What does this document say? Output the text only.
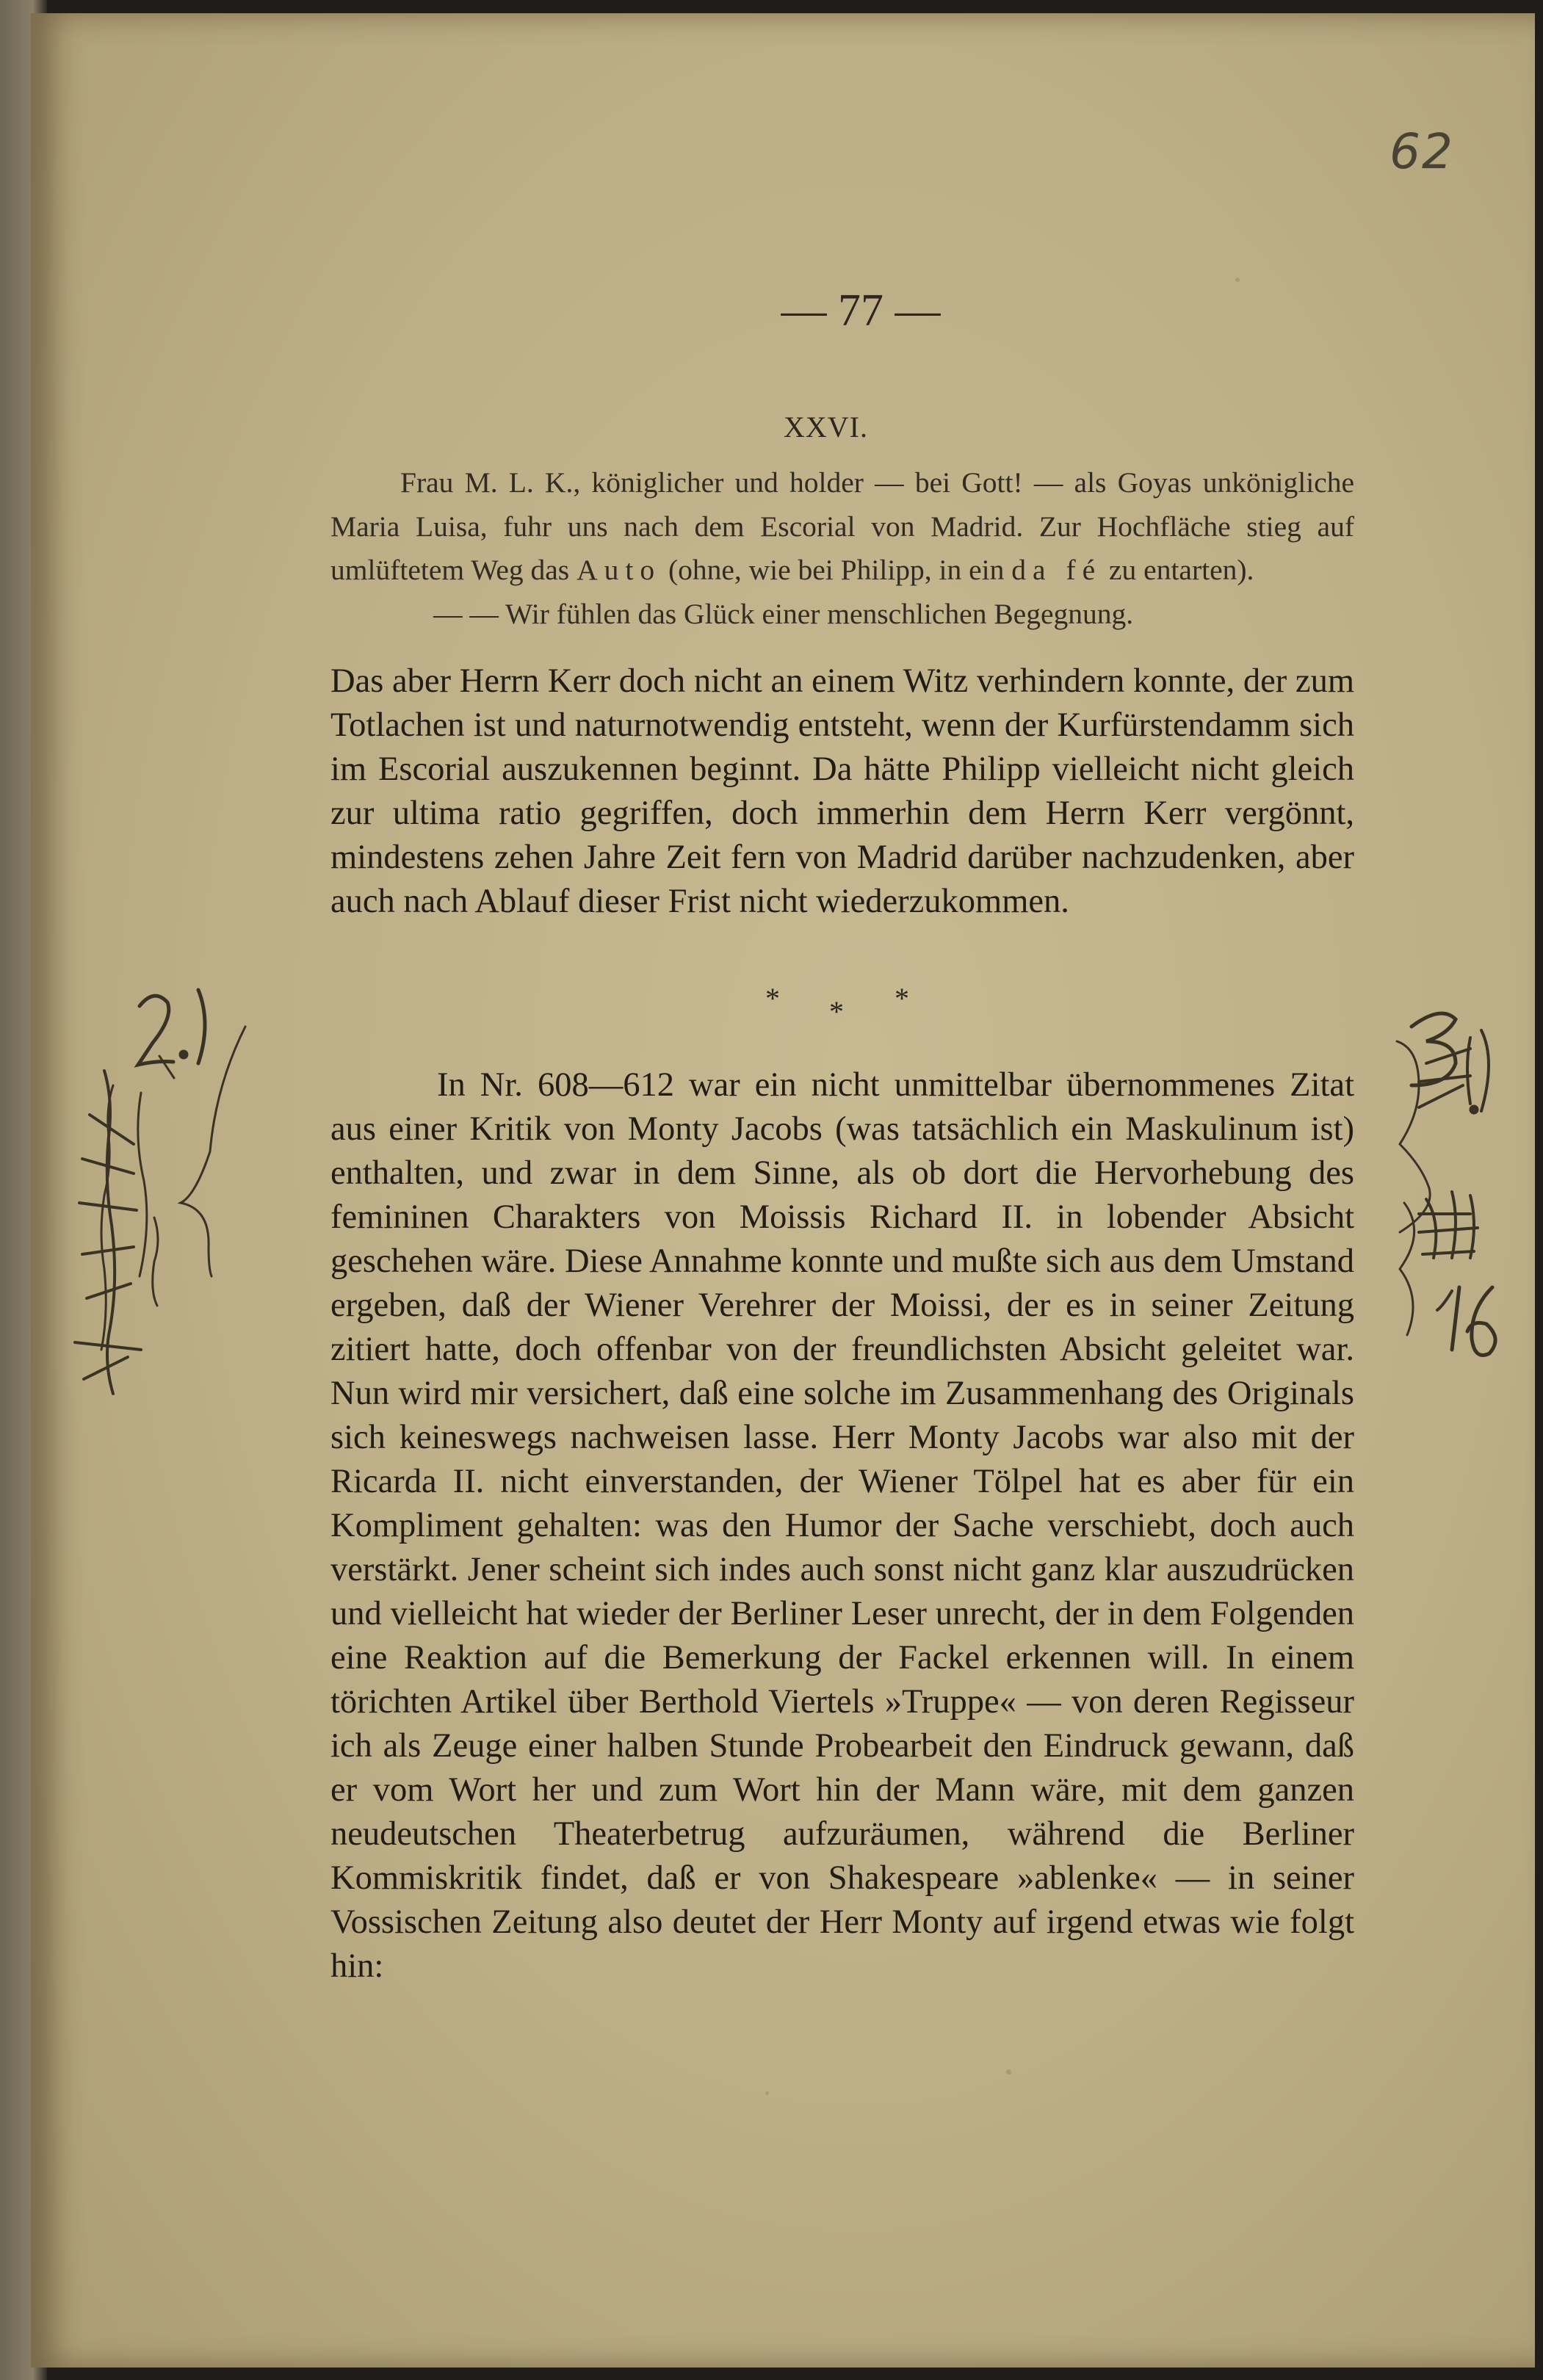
62
— 77 —
XXVI.

Frau M. L. K., königlicher und holder — bei Gott! — als Goyas unkönigliche Maria Luisa, fuhr uns nach dem Escorial von Madrid. Zur Hochfläche stieg auf umlüftetem Weg das Auto (ohne, wie bei Philipp, in ein da fé zu entarten).

— — Wir fühlen das Glück einer menschlichen Begegnung.

Das aber Herrn Kerr doch nicht an einem Witz verhindern konnte, der zum Totlachen ist und naturnotwendig entsteht, wenn der Kurfürstendamm sich im Escorial auszukennen beginnt. Da hätte Philipp vielleicht nicht gleich zur ultima ratio gegriffen, doch immerhin dem Herrn Kerr vergönnt, mindestens zehen Jahre Zeit fern von Madrid darüber nachzudenken, aber auch nach Ablauf dieser Frist nicht wiederzukommen.

* * *

In Nr. 608—612 war ein nicht unmittelbar übernommenes Zitat aus einer Kritik von Monty Jacobs (was tatsächlich ein Maskulinum ist) enthalten, und zwar in dem Sinne, als ob dort die Hervorhebung des femininen Charakters von Moissis Richard II. in lobender Absicht geschehen wäre. Diese Annahme konnte und mußte sich aus dem Umstand ergeben, daß der Wiener Verehrer der Moissi, der es in seiner Zeitung zitiert hatte, doch offenbar von der freundlichsten Absicht geleitet war. Nun wird mir versichert, daß eine solche im Zusammenhang des Originals sich keineswegs nachweisen lasse. Herr Monty Jacobs war also mit der Ricarda II. nicht einverstanden, der Wiener Tölpel hat es aber für ein Kompliment gehalten: was den Humor der Sache verschiebt, doch auch verstärkt. Jener scheint sich indes auch sonst nicht ganz klar auszudrücken und vielleicht hat wieder der Berliner Leser unrecht, der in dem Folgenden eine Reaktion auf die Bemerkung der Fackel erkennen will. In einem törichten Artikel über Berthold Viertels »Truppe« — von deren Regisseur ich als Zeuge einer halben Stunde Probearbeit den Eindruck gewann, daß er vom Wort her und zum Wort hin der Mann wäre, mit dem ganzen neudeutschen Theaterbetrug aufzuräumen, während die Berliner Kommiskritik findet, daß er von Shakespeare »ablenke« — in seiner Vossischen Zeitung also deutet der Herr Monty auf irgend etwas wie folgt hin:
